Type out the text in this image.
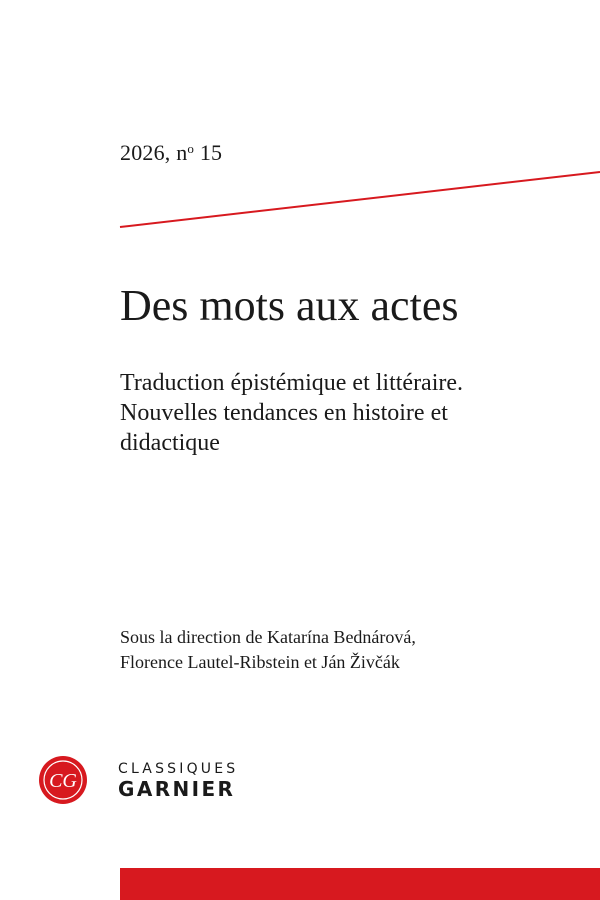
2026, $n^o$ 15
Des mots aux actes
Traduction épistémique et littéraire.
Nouvelles tendances en histoire et
didactique
Sous la direction de Katarína Bednárová,
Florence Lautel-Ribstein et Ján Živčák
CG
CLASSIQUES
GARNIER
